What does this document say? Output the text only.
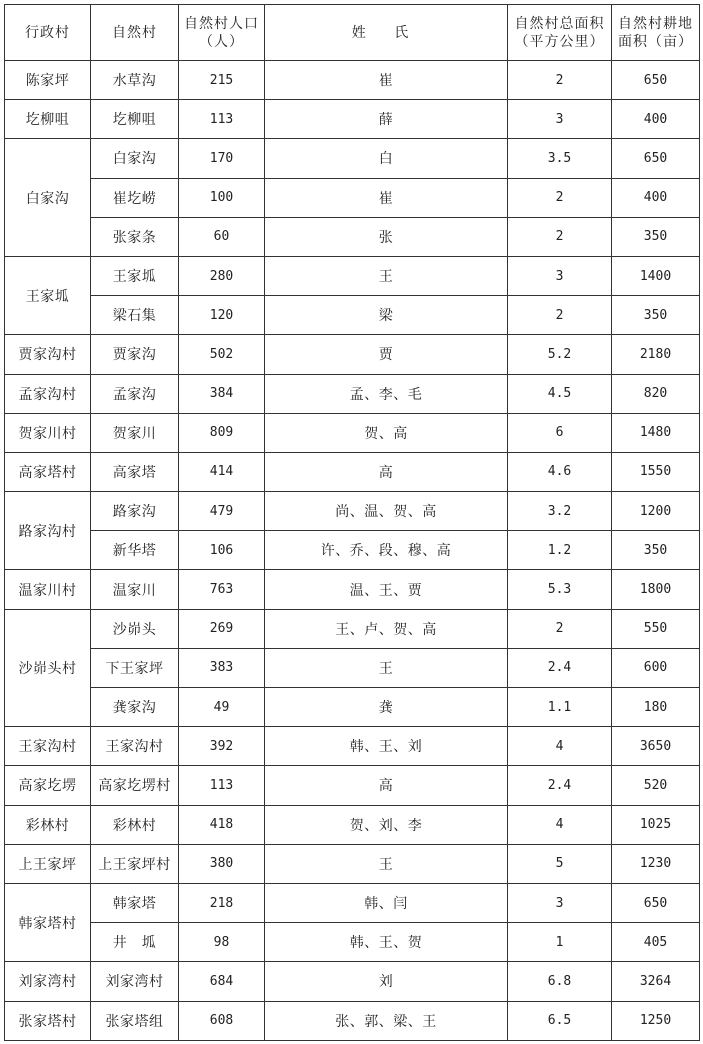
行政村	自然村	自然村人口（人）	姓 氏	自然村总面积（平方公里）	自然村耕地面积（亩）
陈家坪	水草沟	215	崔	2	650
圪柳咀	圪柳咀	113	薛	3	400
白家沟	白家沟	170	白	3.5	650
	崔圪崂	100	崔	2	400
	张家条	60	张	2	350
王家坬	王家坬	280	王	3	1400
	梁石集	120	梁	2	350
贾家沟村	贾家沟	502	贾	5.2	2180
孟家沟村	孟家沟	384	孟、李、毛	4.5	820
贺家川村	贺家川	809	贺、高	6	1480
高家塔村	高家塔	414	高	4.6	1550
路家沟村	路家沟	479	尚、温、贺、高	3.2	1200
	新华塔	106	许、乔、段、穆、高	1.2	350
温家川村	温家川	763	温、王、贾	5.3	1800
沙峁头村	沙峁头	269	王、卢、贺、高	2	550
	下王家坪	383	王	2.4	600
	龚家沟	49	龚	1.1	180
王家沟村	王家沟村	392	韩、王、刘	4	3650
高家圪塄	高家圪塄村	113	高	2.4	520
彩林村	彩林村	418	贺、刘、李	4	1025
上王家坪	上王家坪村	380	王	5	1230
韩家塔村	韩家塔	218	韩、闫	3	650
	井　坬	98	韩、王、贺	1	405
刘家湾村	刘家湾村	684	刘	6.8	3264
张家塔村	张家塔组	608	张、郭、梁、王	6.5	1250
